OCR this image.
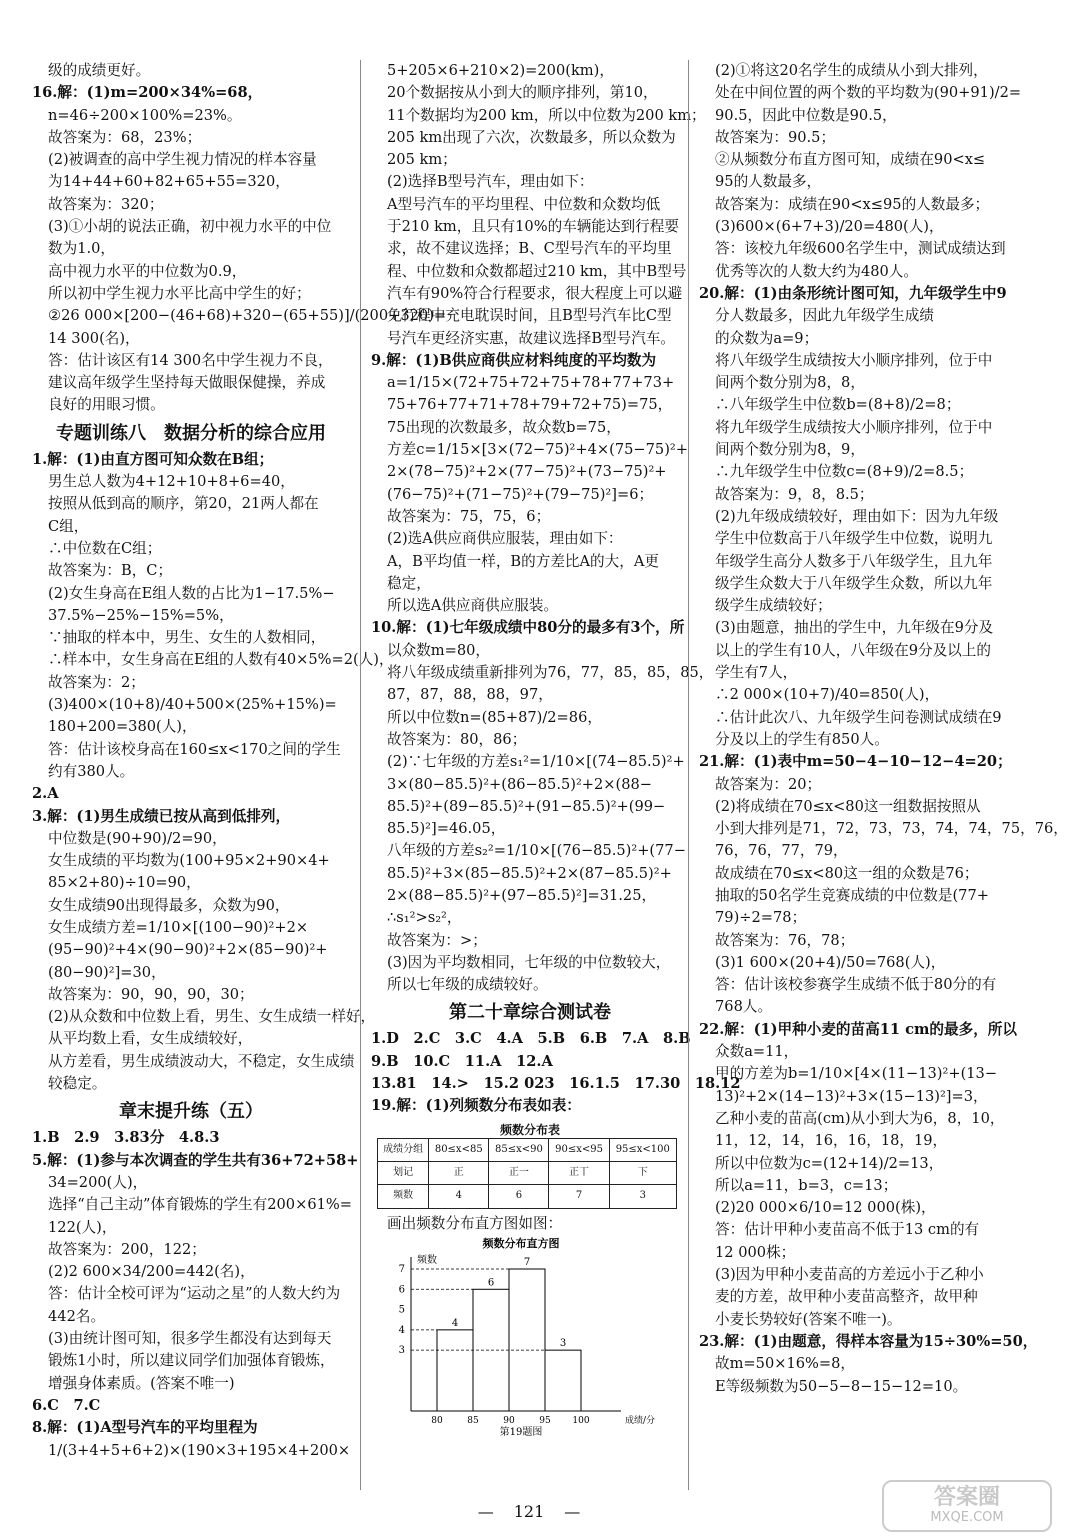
级的成绩更好。
16.解：(1)m=200×34%=68，
n=46÷200×100%=23%。
故答案为：68，23%；
(2)被调查的高中学生视力情况的样本容量
为14+44+60+82+65+55=320，
故答案为：320；
(3)①小胡的说法正确，初中视力水平的中位
数为1.0，
高中视力水平的中位数为0.9，
所以初中学生视力水平比高中学生的好；
②26 000×[200−(46+68)+320−(65+55)]/(200+320)=
14 300(名)，
答：估计该区有14 300名中学生视力不良，
建议高年级学生坚持每天做眼保健操，养成
良好的用眼习惯。
专题训练八　数据分析的综合应用
1.解：(1)由直方图可知众数在B组；
男生总人数为4+12+10+8+6=40，
按照从低到高的顺序，第20，21两人都在
C组，
∴中位数在C组；
故答案为：B，C；
(2)女生身高在E组人数的占比为1−17.5%−
37.5%−25%−15%=5%，
∵抽取的样本中，男生、女生的人数相同，
∴样本中，女生身高在E组的人数有40×5%=2(人)，
故答案为：2；
(3)400×(10+8)/40+500×(25%+15%)=
180+200=380(人)，
答：估计该校身高在160≤x<170之间的学生
约有380人。
2.A
3.解：(1)男生成绩已按从高到低排列，
中位数是(90+90)/2=90，
女生成绩的平均数为(100+95×2+90×4+
85×2+80)÷10=90，
女生成绩90出现得最多，众数为90，
女生成绩方差=1/10×[(100−90)²+2×
(95−90)²+4×(90−90)²+2×(85−90)²+
(80−90)²]=30，
故答案为：90，90，90，30；
(2)从众数和中位数上看，男生、女生成绩一样好，
从平均数上看，女生成绩较好，
从方差看，男生成绩波动大，不稳定，女生成绩
较稳定。
章末提升练（五）
1.B　2.9　3.83分　4.8.3
5.解：(1)参与本次调查的学生共有36+72+58+
34=200(人)，
选择“自己主动”体育锻炼的学生有200×61%=
122(人)，
故答案为：200，122；
(2)2 600×34/200=442(名)，
答：估计全校可评为“运动之星”的人数大约为
442名。
(3)由统计图可知，很多学生都没有达到每天
锻炼1小时，所以建议同学们加强体育锻炼，
增强身体素质。(答案不唯一)
6.C　7.C
8.解：(1)A型号汽车的平均里程为
1/(3+4+5+6+2)×(190×3+195×4+200×
5+205×6+210×2)=200(km)，
20个数据按从小到大的顺序排列，第10，
11个数据均为200 km，所以中位数为200 km；
205 km出现了六次，次数最多，所以众数为
205 km；
(2)选择B型号汽车，理由如下：
A型号汽车的平均里程、中位数和众数均低
于210 km，且只有10%的车辆能达到行程要
求，故不建议选择；B、C型号汽车的平均里
程、中位数和众数都超过210 km，其中B型号
汽车有90%符合行程要求，很大程度上可以避
免行程中充电耽误时间，且B型号汽车比C型
号汽车更经济实惠，故建议选择B型号汽车。
9.解：(1)B供应商供应材料纯度的平均数为
a=1/15×(72+75+72+75+78+77+73+
75+76+77+71+78+79+72+75)=75，
75出现的次数最多，故众数b=75，
方差c=1/15×[3×(72−75)²+4×(75−75)²+
2×(78−75)²+2×(77−75)²+(73−75)²+
(76−75)²+(71−75)²+(79−75)²]=6；
故答案为：75，75，6；
(2)选A供应商供应服装，理由如下：
A，B平均值一样，B的方差比A的大，A更
稳定，
所以选A供应商供应服装。
10.解：(1)七年级成绩中80分的最多有3个，所
以众数m=80，
将八年级成绩重新排列为76，77，85，85，85，
87，87，88，88，97，
所以中位数n=(85+87)/2=86，
故答案为：80，86；
(2)∵七年级的方差s₁²=1/10×[(74−85.5)²+
3×(80−85.5)²+(86−85.5)²+2×(88−
85.5)²+(89−85.5)²+(91−85.5)²+(99−
85.5)²]=46.05，
八年级的方差s₂²=1/10×[(76−85.5)²+(77−
85.5)²+3×(85−85.5)²+2×(87−85.5)²+
2×(88−85.5)²+(97−85.5)²]=31.25，
∴s₁²>s₂²，
故答案为：>；
(3)因为平均数相同，七年级的中位数较大，
所以七年级的成绩较好。
第二十章综合测试卷
1.D　2.C　3.C　4.A　5.B　6.B　7.A　8.B
9.B　10.C　11.A　12.A
13.81　14.>　15.2 023　16.1.5　17.30　18.12
19.解：(1)列频数分布表如表：
频数分布表
成绩分组	80≤x<85	85≤x<90	90≤x<95	95≤x<100
划记	正	正一	正丅	下
频数	4	6	7	3
画出频数分布直方图如图：
频数分布直方图
频数
4
6
7
3
3
4
5
6
7
80	85	90	95 100	成绩/分
第19题图
(2)①将这20名学生的成绩从小到大排列，
处在中间位置的两个数的平均数为(90+91)/2=
90.5，因此中位数是90.5，
故答案为：90.5；
②从频数分布直方图可知，成绩在90<x≤
95的人数最多，
故答案为：成绩在90<x≤95的人数最多；
(3)600×(6+7+3)/20=480(人)，
答：该校九年级600名学生中，测试成绩达到
优秀等次的人数大约为480人。
20.解：(1)由条形统计图可知，九年级学生中9
分人数最多，因此九年级学生成绩
的众数为a=9；
将八年级学生成绩按大小顺序排列，位于中
间两个数分别为8，8，
∴八年级学生中位数b=(8+8)/2=8；
将九年级学生成绩按大小顺序排列，位于中
间两个数分别为8，9，
∴九年级学生中位数c=(8+9)/2=8.5；
故答案为：9，8，8.5；
(2)九年级成绩较好，理由如下：因为九年级
学生中位数高于八年级学生中位数，说明九
年级学生高分人数多于八年级学生，且九年
级学生众数大于八年级学生众数，所以九年
级学生成绩较好；
(3)由题意，抽出的学生中，九年级在9分及
以上的学生有10人，八年级在9分及以上的
学生有7人，
∴2 000×(10+7)/40=850(人)，
∴估计此次八、九年级学生问卷测试成绩在9
分及以上的学生有850人。
21.解：(1)表中m=50−4−10−12−4=20；
故答案为：20；
(2)将成绩在70≤x<80这一组数据按照从
小到大排列是71，72，73，73，74，74，75，76，
76，76，77，79，
故成绩在70≤x<80这一组的众数是76；
抽取的50名学生竞赛成绩的中位数是(77+
79)÷2=78；
故答案为：76，78；
(3)1 600×(20+4)/50=768(人)，
答：估计该校参赛学生成绩不低于80分的有
768人。
22.解：(1)甲种小麦的苗高11 cm的最多，所以
众数a=11，
甲的方差为b=1/10×[4×(11−13)²+(13−
13)²+2×(14−13)²+3×(15−13)²]=3，
乙种小麦的苗高(cm)从小到大为6，8，10，
11，12，14，16，16，18，19，
所以中位数为c=(12+14)/2=13，
所以a=11，b=3，c=13；
(2)20 000×6/10=12 000(株)，
答：估计甲种小麦苗高不低于13 cm的有
12 000株；
(3)因为甲种小麦苗高的方差远小于乙种小
麦的方差，故甲种小麦苗高整齐，故甲种
小麦长势较好(答案不唯一)。
23.解：(1)由题意，得样本容量为15÷30%=50，
故m=50×16%=8，
E等级频数为50−5−8−15−12=10。
— 121 —
答案圈
MXQE.COM
